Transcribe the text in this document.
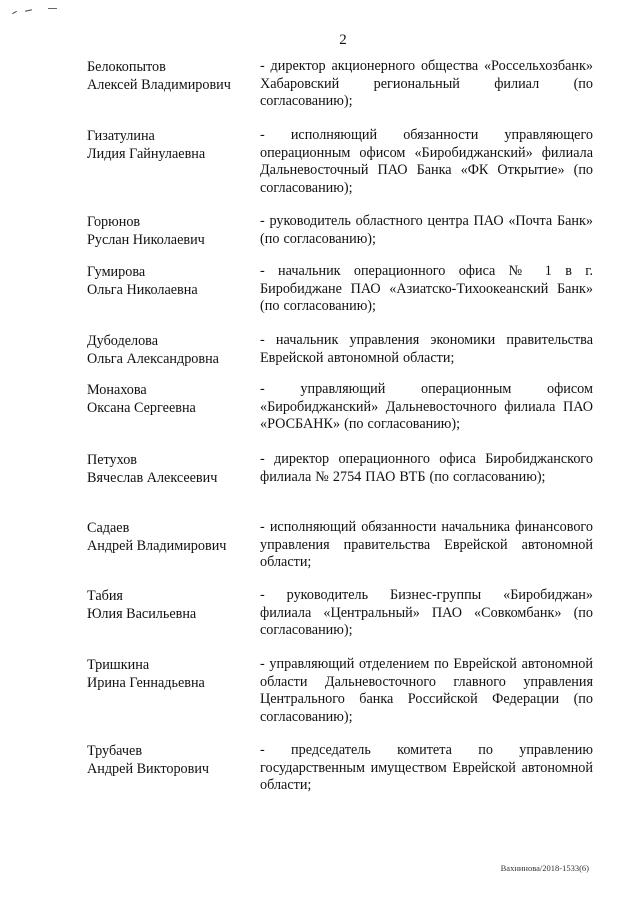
2
Белокопытов
Алексей Владимирович
- директор акционерного общества «Россельхозбанк» Хабаровский региональный филиал (по согласованию);
Гизатулина
Лидия Гайнулаевна
- исполняющий обязанности управляющего операционным офисом «Биробиджанский» филиала Дальневосточный ПАО Банка «ФК Открытие» (по согласованию);
Горюнов
Руслан Николаевич
- руководитель областного центра ПАО «Почта Банк» (по согласованию);
Гумирова
Ольга Николаевна
- начальник операционного офиса № 1 в г. Биробиджане ПАО «Азиатско-Тихоокеанский Банк» (по согласованию);
Дубоделова
Ольга Александровна
- начальник управления экономики правительства Еврейской автономной области;
Монахова
Оксана Сергеевна
- управляющий операционным офисом «Биробиджанский» Дальневосточного филиала ПАО «РОСБАНК» (по согласованию);
Петухов
Вячеслав Алексеевич
- директор операционного офиса Биробиджанского филиала № 2754 ПАО ВТБ (по согласованию);
Садаев
Андрей Владимирович
- исполняющий обязанности начальника финансового управления правительства Еврейской автономной области;
Табия
Юлия Васильевна
- руководитель Бизнес-группы «Биробиджан» филиала «Центральный» ПАО «Совкомбанк» (по согласованию);
Тришкина
Ирина Геннадьевна
- управляющий отделением по Еврейской автономной области Дальневосточного главного управления Центрального банка Российской Федерации (по согласованию);
Трубачев
Андрей Викторович
- председатель комитета по управлению государственным имуществом Еврейской автономной области;
Вахнинова/2018-1533(6)
